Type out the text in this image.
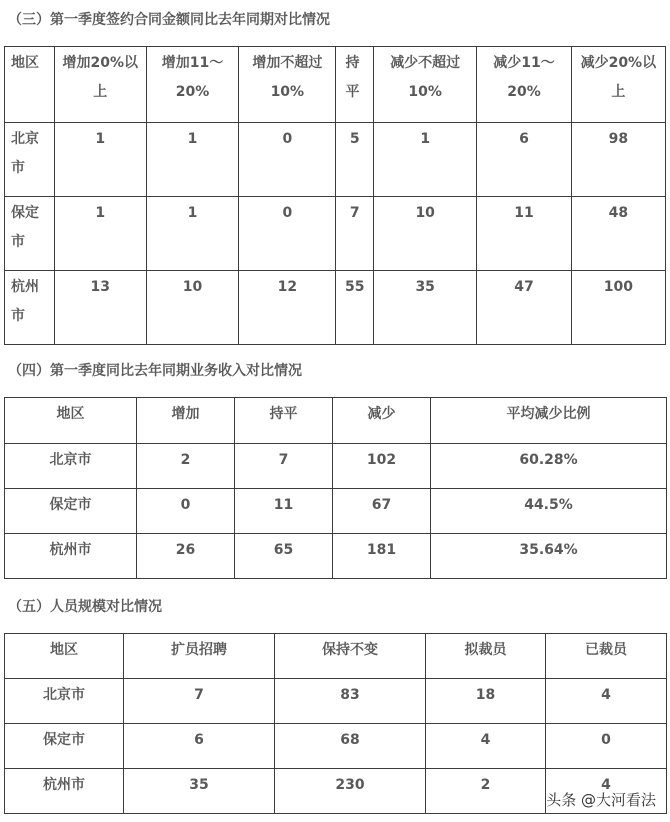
（三）第一季度签约合同金额同比去年同期对比情况
地区	增加20%以上	增加11～20%	增加不超过10%	持平	减少不超过10%	减少11～20%	减少20%以上

北京市	1	1	0	5	1	6	98

保定市	1	1	0	7	10	11	48

杭州市	13	10	12	55	35	47	100
（四）第一季度同比去年同期业务收入对比情况
地区	增加	持平	减少	平均减少比例

北京市	2	7	102	60.28%

保定市	0	11	67	44.5%

杭州市	26	65	181	35.64%
（五）人员规模对比情况
地区	扩员招聘	保持不变	拟裁员	已裁员

北京市	7	83	18	4

保定市	6	68	4	0

杭州市	35	230	2	4
头条 @大河看法
